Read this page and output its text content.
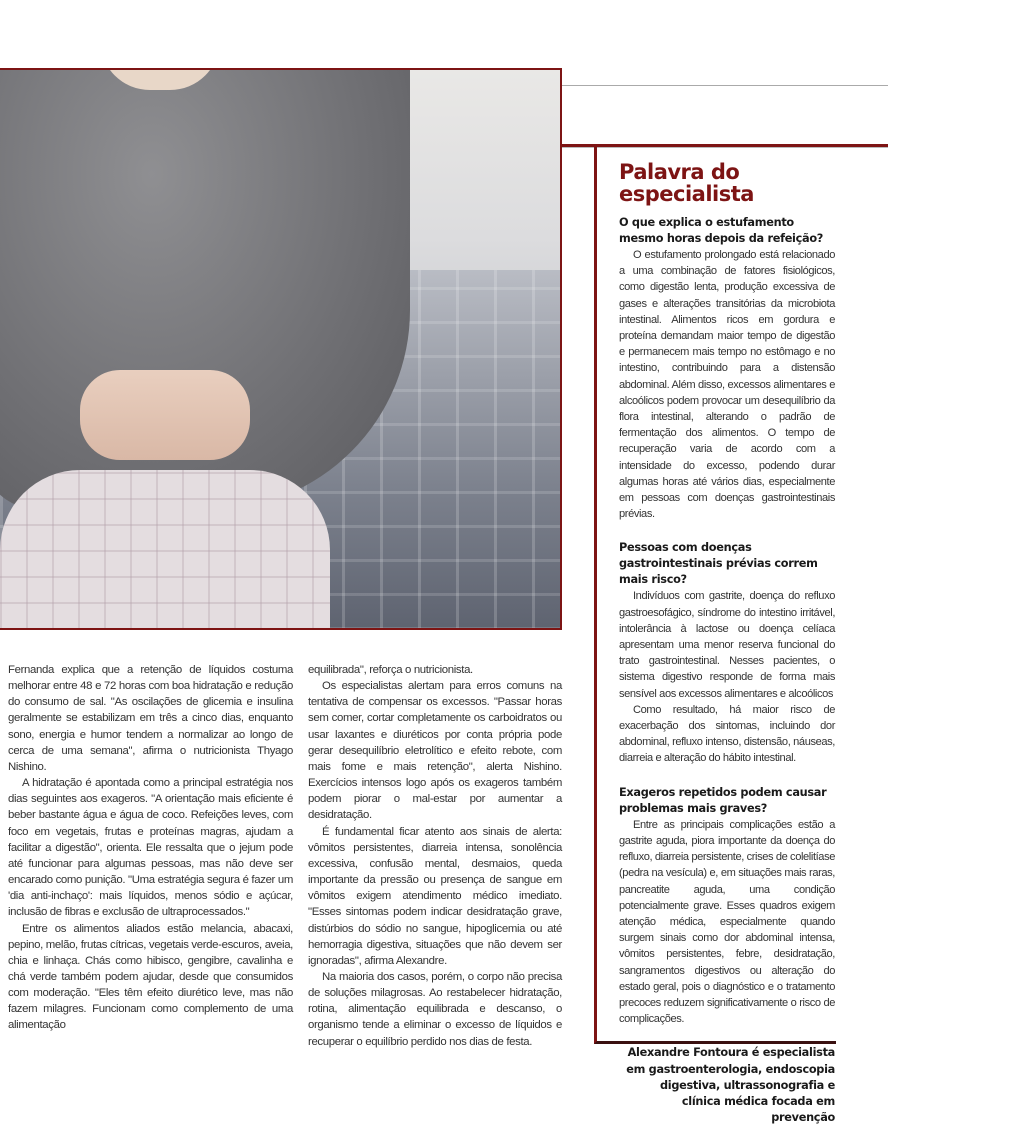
Fernanda explica que a retenção de líquidos costuma melhorar entre 48 e 72 horas com boa hidratação e redução do consumo de sal. "As oscilações de glicemia e insulina geralmente se estabilizam em três a cinco dias, enquanto sono, energia e humor tendem a normalizar ao longo de cerca de uma semana", afirma o nutricionista Thyago Nishino.

A hidratação é apontada como a principal estratégia nos dias seguintes aos exageros. "A orientação mais eficiente é beber bastante água e água de coco. Refeições leves, com foco em vegetais, frutas e proteínas magras, ajudam a facilitar a digestão", orienta. Ele ressalta que o jejum pode até funcionar para algumas pessoas, mas não deve ser encarado como punição. "Uma estratégia segura é fazer um 'dia anti-inchaço': mais líquidos, menos sódio e açúcar, inclusão de fibras e exclusão de ultraprocessados."

Entre os alimentos aliados estão melancia, abacaxi, pepino, melão, frutas cítricas, vegetais verde-escuros, aveia, chia e linhaça. Chás como hibisco, gengibre, cavalinha e chá verde também podem ajudar, desde que consumidos com moderação. "Eles têm efeito diurético leve, mas não fazem milagres. Funcionam como complemento de uma alimentação

equilibrada", reforça o nutricionista.

Os especialistas alertam para erros comuns na tentativa de compensar os excessos. "Passar horas sem comer, cortar completamente os carboidratos ou usar laxantes e diuréticos por conta própria pode gerar desequilíbrio eletrolítico e efeito rebote, com mais fome e mais retenção", alerta Nishino. Exercícios intensos logo após os exageros também podem piorar o mal-estar por aumentar a desidratação.

É fundamental ficar atento aos sinais de alerta: vômitos persistentes, diarreia intensa, sonolência excessiva, confusão mental, desmaios, queda importante da pressão ou presença de sangue em vômitos exigem atendimento médico imediato. "Esses sintomas podem indicar desidratação grave, distúrbios do sódio no sangue, hipoglicemia ou até hemorragia digestiva, situações que não devem ser ignoradas", afirma Alexandre.

Na maioria dos casos, porém, o corpo não precisa de soluções milagrosas. Ao restabelecer hidratação, rotina, alimentação equilibrada e descanso, o organismo tende a eliminar o excesso de líquidos e recuperar o equilíbrio perdido nos dias de festa.

Palavra do especialista
O que explica o estufamento mesmo horas depois da refeição?

O estufamento prolongado está relacionado a uma combinação de fatores fisiológicos, como digestão lenta, produção excessiva de gases e alterações transitórias da microbiota intestinal. Alimentos ricos em gordura e proteína demandam maior tempo de digestão e permanecem mais tempo no estômago e no intestino, contribuindo para a distensão abdominal. Além disso, excessos alimentares e alcoólicos podem provocar um desequilíbrio da flora intestinal, alterando o padrão de fermentação dos alimentos. O tempo de recuperação varia de acordo com a intensidade do excesso, podendo durar algumas horas até vários dias, especialmente em pessoas com doenças gastrointestinais prévias.

Pessoas com doenças gastrointestinais prévias correm mais risco?

Indivíduos com gastrite, doença do refluxo gastroesofágico, síndrome do intestino irritável, intolerância à lactose ou doença celíaca apresentam uma menor reserva funcional do trato gastrointestinal. Nesses pacientes, o sistema digestivo responde de forma mais sensível aos excessos alimentares e alcoólicos

Como resultado, há maior risco de exacerbação dos sintomas, incluindo dor abdominal, refluxo intenso, distensão, náuseas, diarreia e alteração do hábito intestinal.

Exageros repetidos podem causar problemas mais graves?

Entre as principais complicações estão a gastrite aguda, piora importante da doença do refluxo, diarreia persistente, crises de colelitíase (pedra na vesícula) e, em situações mais raras, pancreatite aguda, uma condição potencialmente grave. Esses quadros exigem atenção médica, especialmente quando surgem sinais como dor abdominal intensa, vômitos persistentes, febre, desidratação, sangramentos digestivos ou alteração do estado geral, pois o diagnóstico e o tratamento precoces reduzem significativamente o risco de complicações.

Alexandre Fontoura é especialista em gastroenterologia, endoscopia digestiva, ultrassonografia e clínica médica focada em prevenção
